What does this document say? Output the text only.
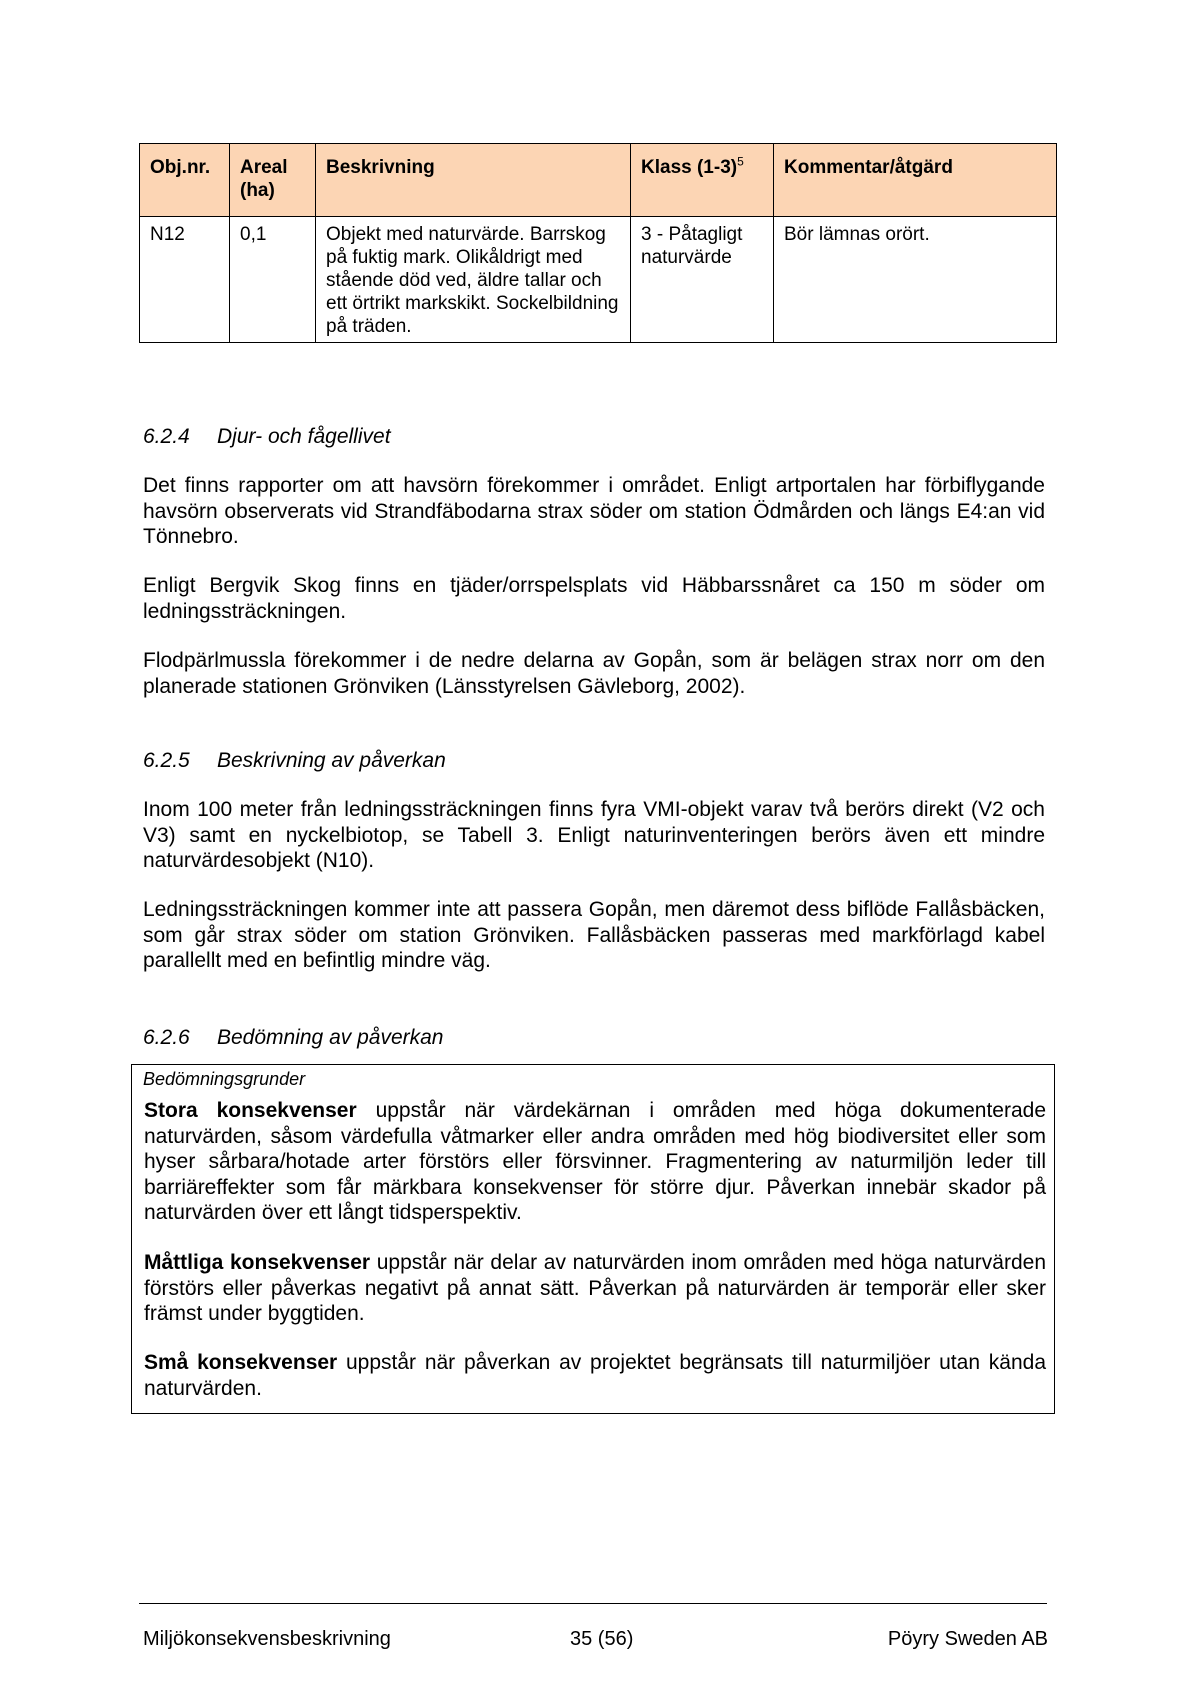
Obj.nr.	Areal (ha)	Beskrivning	Klass $(1-3)^5$	Kommentar/åtgärd
N12	0,1	Objekt med naturvärde. Barrskog på fuktig mark. Olikåldrigt med stående död ved, äldre tallar och ett örtrikt markskikt. Sockelbildning på träden.	3 - Påtagligt naturvärde	Bör lämnas orört.
6.2.4 Djur- och fågellivet

Det finns rapporter om att havsörn förekommer i området. Enligt artportalen har förbiflygande havsörn observerats vid Strandfäbodarna strax söder om station Ödmården och längs E4:an vid Tönnebro.

Enligt Bergvik Skog finns en tjäder/orrspelsplats vid Häbbarssnåret ca 150 m söder om ledningssträckningen.

Flodpärlmussla förekommer i de nedre delarna av Gopån, som är belägen strax norr om den planerade stationen Grönviken (Länsstyrelsen Gävleborg, 2002).

6.2.5 Beskrivning av påverkan

Inom 100 meter från ledningssträckningen finns fyra VMI-objekt varav två berörs direkt (V2 och V3) samt en nyckelbiotop, se Tabell 3. Enligt naturinventeringen berörs även ett mindre naturvärdesobjekt (N10).

Ledningssträckningen kommer inte att passera Gopån, men däremot dess biflöde Fallåsbäcken, som går strax söder om station Grönviken. Fallåsbäcken passeras med markförlagd kabel parallellt med en befintlig mindre väg.

6.2.6 Bedömning av påverkan

Bedömningsgrunder

Stora konsekvenser uppstår när värdekärnan i områden med höga dokumenterade naturvärden, såsom värdefulla våtmarker eller andra områden med hög biodiversitet eller som hyser sårbara/hotade arter förstörs eller försvinner. Fragmentering av naturmiljön leder till barriäreffekter som får märkbara konsekvenser för större djur. Påverkan innebär skador på naturvärden över ett långt tidsperspektiv.

Måttliga konsekvenser uppstår när delar av naturvärden inom områden med höga naturvärden förstörs eller påverkas negativt på annat sätt. Påverkan på naturvärden är temporär eller sker främst under byggtiden.

Små konsekvenser uppstår när påverkan av projektet begränsats till naturmiljöer utan kända naturvärden.

Miljökonsekvensbeskrivning	35 (56)	Pöyry Sweden AB
